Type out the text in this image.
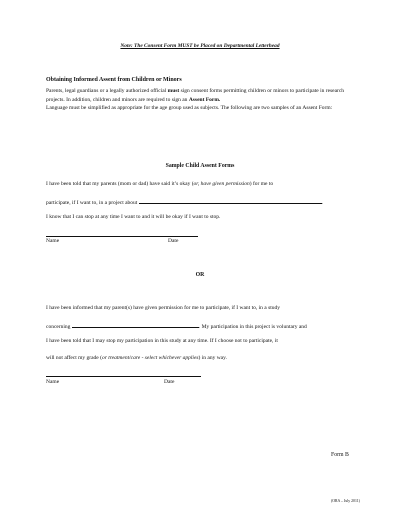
Note: The Consent Form MUST be Placed on Departmental Letterhead
Obtaining Informed Assent from Children or Minors
Parents, legal guardians or a legally authorized official must sign consent forms permitting children or minors to participate in research projects. In addition, children and minors are required to sign an Assent Form.
Language must be simplified as appropriate for the age group used as subjects. The following are two samples of an Assent Form:
Sample Child Assent Forms
I have been told that my parents (mom or dad) have said it’s okay (or, have given permission) for me to
participate, if I want to, in a project about	.
I know that I can stop at any time I want to and it will be okay if I want to stop.
Name	Date
OR
I have been informed that my parent(s) have given permission for me to participate, if I want to, in a study
concerning	. My participation in this project is voluntary and
I have been told that I may stop my participation in this study at any time. If I choose not to participate, it
will not affect my grade (or treatment/care - select whichever applies) in any way.
Name	Date
Form B
(ORA – July 2011)
